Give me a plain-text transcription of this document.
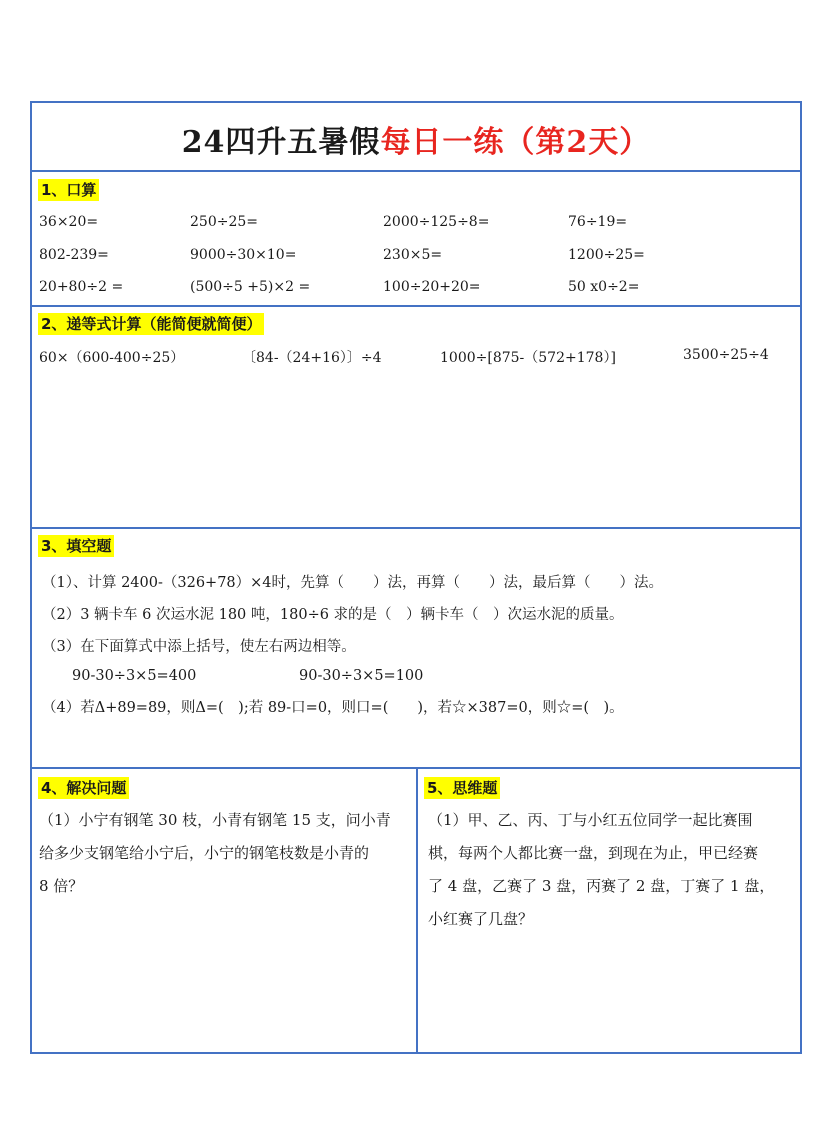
24四升五暑假每日一练（第2天）
1、口算
36×20=	250÷25=	2000÷125÷8=	76÷19=
802-239=	9000÷30×10=	230×5=	1200÷25=
20+80÷2 =	(500÷5 +5)×2 =	100÷20+20=	50 x0÷2=
2、递等式计算（能简便就简便）
60×（600-400÷25）	〔84-（24+16）〕÷4	1000÷[875-（572+178）]	3500÷25÷4
3、填空题
（1）、计算 2400-（326+78）×4时，先算（　　）法，再算（　　）法，最后算（　　）法。
（2）3 辆卡车 6 次运水泥 180 吨，180÷6 求的是（　）辆卡车（　）次运水泥的质量。
（3）在下面算式中添上括号，使左右两边相等。
90-30÷3×5=400	90-30÷3×5=100
（4）若Δ+89=89，则Δ=(　);若 89-口=0，则口=(　　)，若☆×387=0，则☆=(　)。
4、解决问题
（1）小宁有钢笔 30 枝，小青有钢笔 15 支，问小青
给多少支钢笔给小宁后，小宁的钢笔枝数是小青的
8 倍？
5、思维题
（1）甲、乙、丙、丁与小红五位同学一起比赛围
棋，每两个人都比赛一盘，到现在为止，甲已经赛
了 4 盘，乙赛了 3 盘，丙赛了 2 盘，丁赛了 1 盘，
小红赛了几盘？
